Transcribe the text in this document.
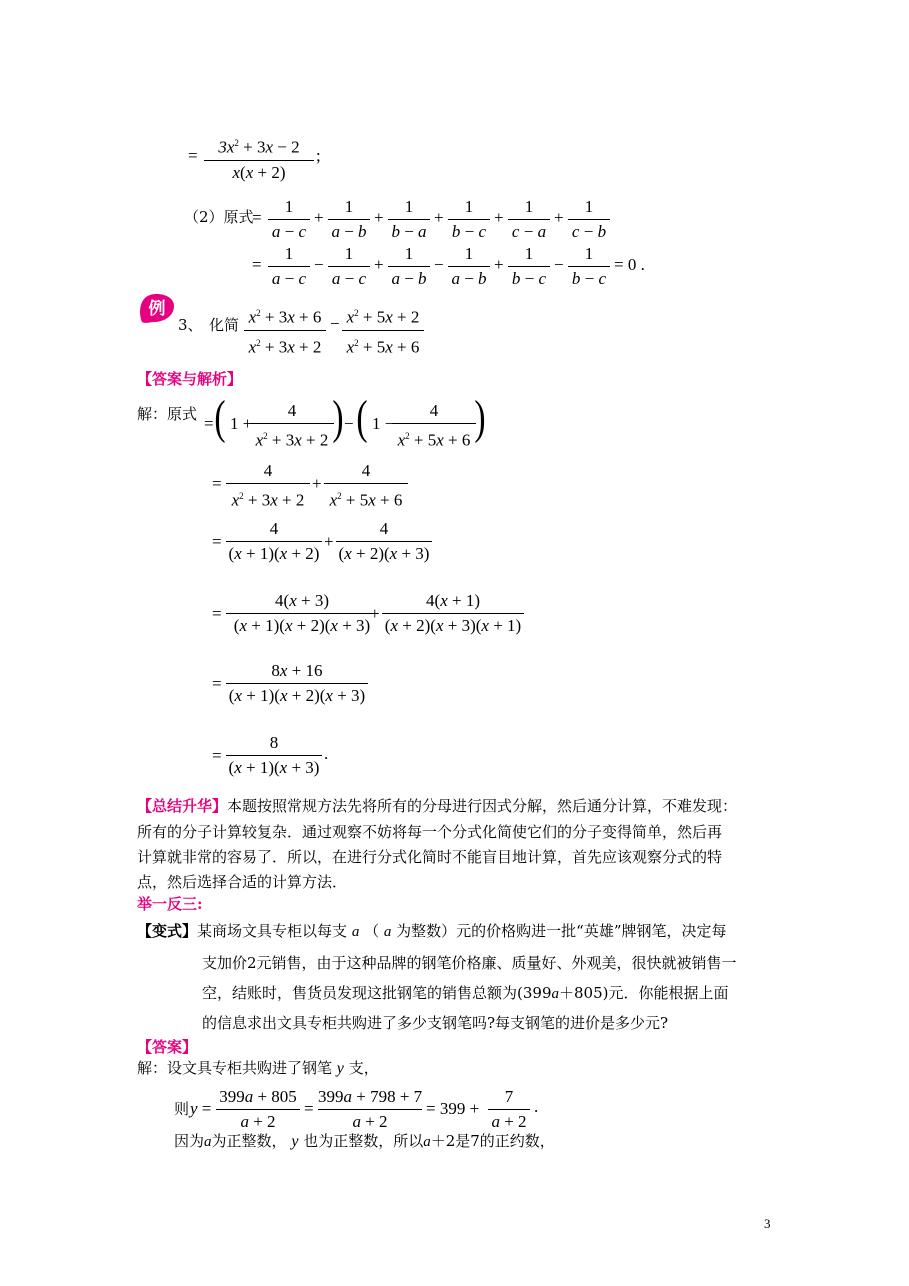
=	$3x^2 + 3x - 2$
x(x + 2)
;
（2）原式
=
1
a − c
+
1
a − b
+
1
b − a
+
1
b − c
+
1
c − a
+
1
c − b
=
1
a − c
−
1
a − c
+
1
a − b
−
1
a − b
+
1
b − c
−
1
b − c
= 0 .
例
3、 化简 $x^2 + 3x + 6$
$x^2 + 3x + 2$
− $x^2 + 5x + 2$
$x^2 + 5x + 6$
【答案与解析】
解：原式 = ( 1 +
4
$x^2 + 3x + 2$ ) − ( 1 −
4
$x^2 + 5x + 6$ )
=
4
$x^2 + 3x + 2$
+
4
$x^2 + 5x + 6$
=
4
(x + 1)(x + 2)
+
4
(x + 2)(x + 3)
=
4(x + 3)
(x + 1)(x + 2)(x + 3)
+
4(x + 1)
(x + 2)(x + 3)(x + 1)
=
8x + 16
(x + 1)(x + 2)(x + 3)
=
8
(x + 1)(x + 3)
.
【总结升华】本题按照常规方法先将所有的分母进行因式分解，然后通分计算，不难发现：
所有的分子计算较复杂．通过观察不妨将每一个分式化简使它们的分子变得简单，然后再
计算就非常的容易了．所以，在进行分式化简时不能盲目地计算，首先应该观察分式的特
点，然后选择合适的计算方法．
举一反三:
【变式】某商场文具专柜以每支 a （ a 为整数）元的价格购进一批“英雄”牌钢笔，决定每
支加价2元销售，由于这种品牌的钢笔价格廉、质量好、外观美，很快就被销售一
空，结账时，售货员发现这批钢笔的销售总额为(399a＋805)元．你能根据上面
的信息求出文具专柜共购进了多少支钢笔吗?每支钢笔的进价是多少元?
【答案】
解：设文具专柜共购进了钢笔 y 支，
则 y =
399a + 805
a + 2
=
399a + 798 + 7
a + 2
= 399 +
7
a + 2
.
因为a为正整数， y 也为正整数，所以a＋2是7的正约数，
3
